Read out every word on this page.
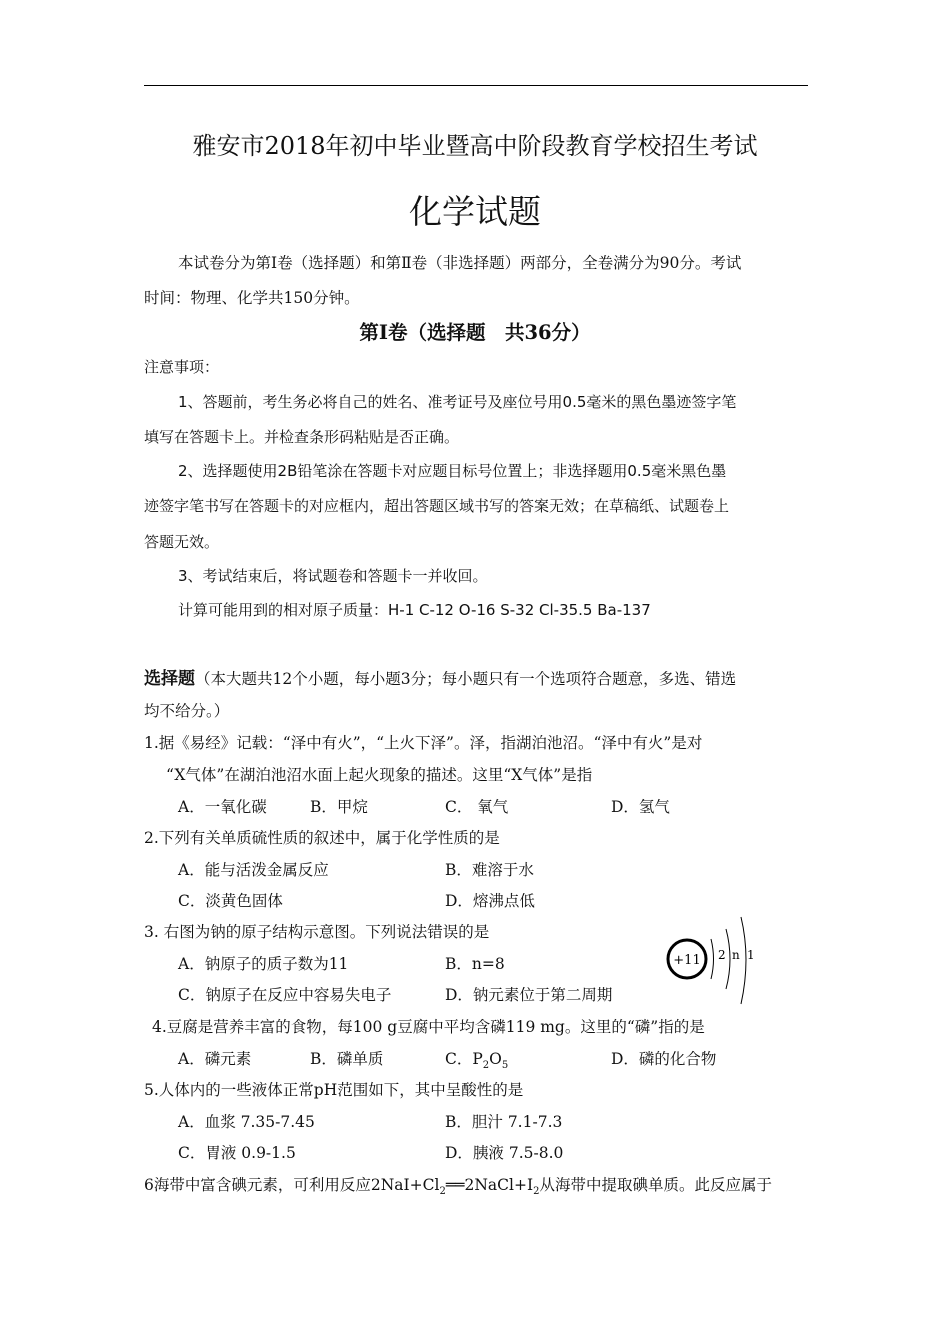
雅安市2018年初中毕业暨高中阶段教育学校招生考试
化学试题
本试卷分为第Ⅰ卷（选择题）和第Ⅱ卷（非选择题）两部分，全卷满分为90分。考试
时间：物理、化学共150分钟。
第Ⅰ卷（选择题　共36分）
注意事项：
1、答题前，考生务必将自己的姓名、准考证号及座位号用0.5毫米的黑色墨迹签字笔
填写在答题卡上。并检查条形码粘贴是否正确。
2、选择题使用2B铅笔涂在答题卡对应题目标号位置上；非选择题用0.5毫米黑色墨
迹签字笔书写在答题卡的对应框内，超出答题区域书写的答案无效；在草稿纸、试题卷上
答题无效。
3、考试结束后，将试题卷和答题卡一并收回。
计算可能用到的相对原子质量：H-1 C-12 O-16 S-32 Cl-35.5 Ba-137
选择题（本大题共12个小题，每小题3分；每小题只有一个选项符合题意，多选、错选
均不给分。）
1.据《易经》记载：“泽中有火”，“上火下泽”。泽，指湖泊池沼。“泽中有火”是对
“X气体”在湖泊池沼水面上起火现象的描述。这里“X气体”是指
A．一氧化碳	B．甲烷	C． 氧气	D．氢气
2.下列有关单质硫性质的叙述中，属于化学性质的是
A．能与活泼金属反应	B．难溶于水
C．淡黄色固体	D．熔沸点低
3. 右图为钠的原子结构示意图。下列说法错误的是
A．钠原子的质子数为11	B．n=8
C．钠原子在反应中容易失电子	D．钠元素位于第二周期
+11 2 n 1
4.豆腐是营养丰富的食物，每100 g豆腐中平均含磷119 mg。这里的“磷”指的是
A．磷元素	B．磷单质	C．$P_2O_5$	D．磷的化合物
5.人体内的一些液体正常pH范围如下，其中呈酸性的是
A．血浆 7.35-7.45	B．胆汁 7.1-7.3
C．胃液 0.9-1.5	D．胰液 7.5-8.0
6海带中富含碘元素，可利用反应$2NaI+Cl_2══2NaCl+I_2$从海带中提取碘单质。此反应属于
